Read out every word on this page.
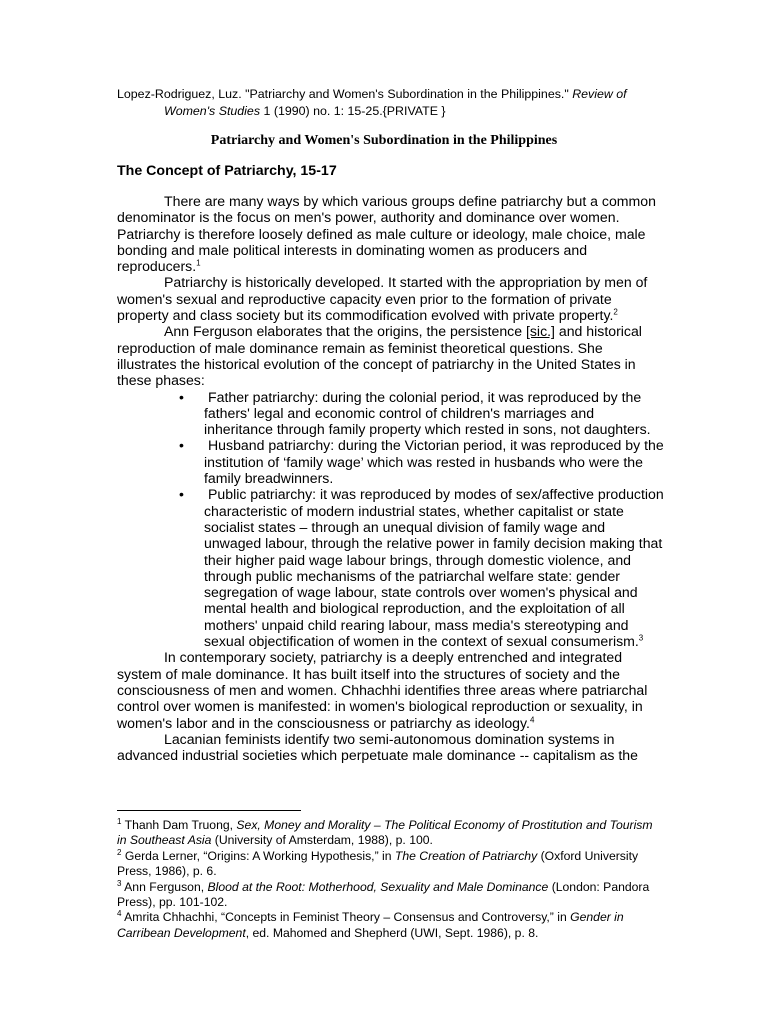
Lopez-Rodriguez, Luz. "Patriarchy and Women's Subordination in the Philippines." Review of
Women's Studies 1 (1990) no. 1: 15-25.{PRIVATE }
Patriarchy and Women's Subordination in the Philippines
The Concept of Patriarchy, 15-17

There are many ways by which various groups define patriarchy but a common denominator is the focus on men's power, authority and dominance over women. Patriarchy is therefore loosely defined as male culture or ideology, male choice, male bonding and male political interests in dominating women as producers and reproducers.$^1$

Patriarchy is historically developed. It started with the appropriation by men of women's sexual and reproductive capacity even prior to the formation of private property and class society but its commodification evolved with private property.$^2$

Ann Ferguson elaborates that the origins, the persistence [sic.] and historical reproduction of male dominance remain as feminist theoretical questions. She illustrates the historical evolution of the concept of patriarchy in the United States in these phases:

• Father patriarchy: during the colonial period, it was reproduced by the fathers' legal and economic control of children's marriages and inheritance through family property which rested in sons, not daughters.
• Husband patriarchy: during the Victorian period, it was reproduced by the institution of ‘family wage’ which was rested in husbands who were the family breadwinners.
• Public patriarchy: it was reproduced by modes of sex/affective production characteristic of modern industrial states, whether capitalist or state socialist states – through an unequal division of family wage and unwaged labour, through the relative power in family decision making that their higher paid wage labour brings, through domestic violence, and through public mechanisms of the patriarchal welfare state: gender segregation of wage labour, state controls over women's physical and mental health and biological reproduction, and the exploitation of all mothers' unpaid child rearing labour, mass media's stereotyping and sexual objectification of women in the context of sexual consumerism.$^3$

In contemporary society, patriarchy is a deeply entrenched and integrated system of male dominance. It has built itself into the structures of society and the consciousness of men and women. Chhachhi identifies three areas where patriarchal control over women is manifested: in women's biological reproduction or sexuality, in women's labor and in the consciousness or patriarchy as ideology.$^4$

Lacanian feminists identify two semi-autonomous domination systems in advanced industrial societies which perpetuate male dominance -- capitalism as the

$^1$ Thanh Dam Truong, Sex, Money and Morality – The Political Economy of Prostitution and Tourism in Southeast Asia (University of Amsterdam, 1988), p. 100.

$^2$ Gerda Lerner, “Origins: A Working Hypothesis,” in The Creation of Patriarchy (Oxford University Press, 1986), p. 6.

$^3$ Ann Ferguson, Blood at the Root: Motherhood, Sexuality and Male Dominance (London: Pandora Press), pp. 101-102.

$^4$ Amrita Chhachhi, “Concepts in Feminist Theory – Consensus and Controversy,” in Gender in Carribean Development, ed. Mahomed and Shepherd (UWI, Sept. 1986), p. 8.
